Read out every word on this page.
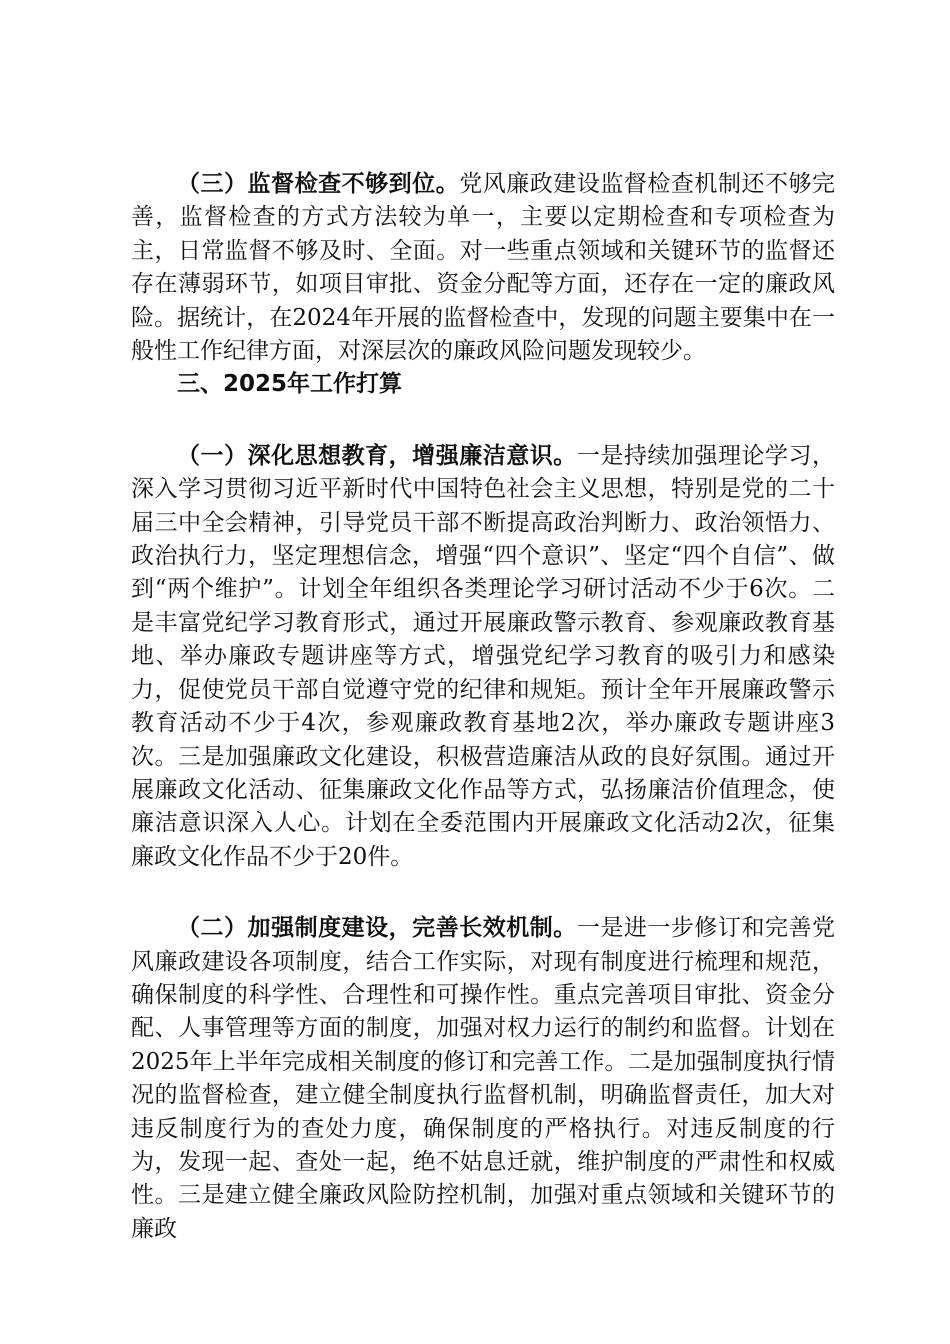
（三）监督检查不够到位。党风廉政建设监督检查机制还不够完善，监督检查的方式方法较为单一，主要以定期检查和专项检查为主，日常监督不够及时、全面。对一些重点领域和关键环节的监督还存在薄弱环节，如项目审批、资金分配等方面，还存在一定的廉政风险。据统计，在2024年开展的监督检查中，发现的问题主要集中在一般性工作纪律方面，对深层次的廉政风险问题发现较少。

三、2025年工作打算

（一）深化思想教育，增强廉洁意识。一是持续加强理论学习，深入学习贯彻习近平新时代中国特色社会主义思想，特别是党的二十届三中全会精神，引导党员干部不断提高政治判断力、政治领悟力、政治执行力，坚定理想信念，增强“四个意识”、坚定“四个自信”、做到“两个维护”。计划全年组织各类理论学习研讨活动不少于6次。二是丰富党纪学习教育形式，通过开展廉政警示教育、参观廉政教育基地、举办廉政专题讲座等方式，增强党纪学习教育的吸引力和感染力，促使党员干部自觉遵守党的纪律和规矩。预计全年开展廉政警示教育活动不少于4次，参观廉政教育基地2次，举办廉政专题讲座3次。三是加强廉政文化建设，积极营造廉洁从政的良好氛围。通过开展廉政文化活动、征集廉政文化作品等方式，弘扬廉洁价值理念，使廉洁意识深入人心。计划在全委范围内开展廉政文化活动2次，征集廉政文化作品不少于20件。

（二）加强制度建设，完善长效机制。一是进一步修订和完善党风廉政建设各项制度，结合工作实际，对现有制度进行梳理和规范，确保制度的科学性、合理性和可操作性。重点完善项目审批、资金分配、人事管理等方面的制度，加强对权力运行的制约和监督。计划在2025年上半年完成相关制度的修订和完善工作。二是加强制度执行情况的监督检查，建立健全制度执行监督机制，明确监督责任，加大对违反制度行为的查处力度，确保制度的严格执行。对违反制度的行为，发现一起、查处一起，绝不姑息迁就，维护制度的严肃性和权威性。三是建立健全廉政风险防控机制，加强对重点领域和关键环节的廉政
